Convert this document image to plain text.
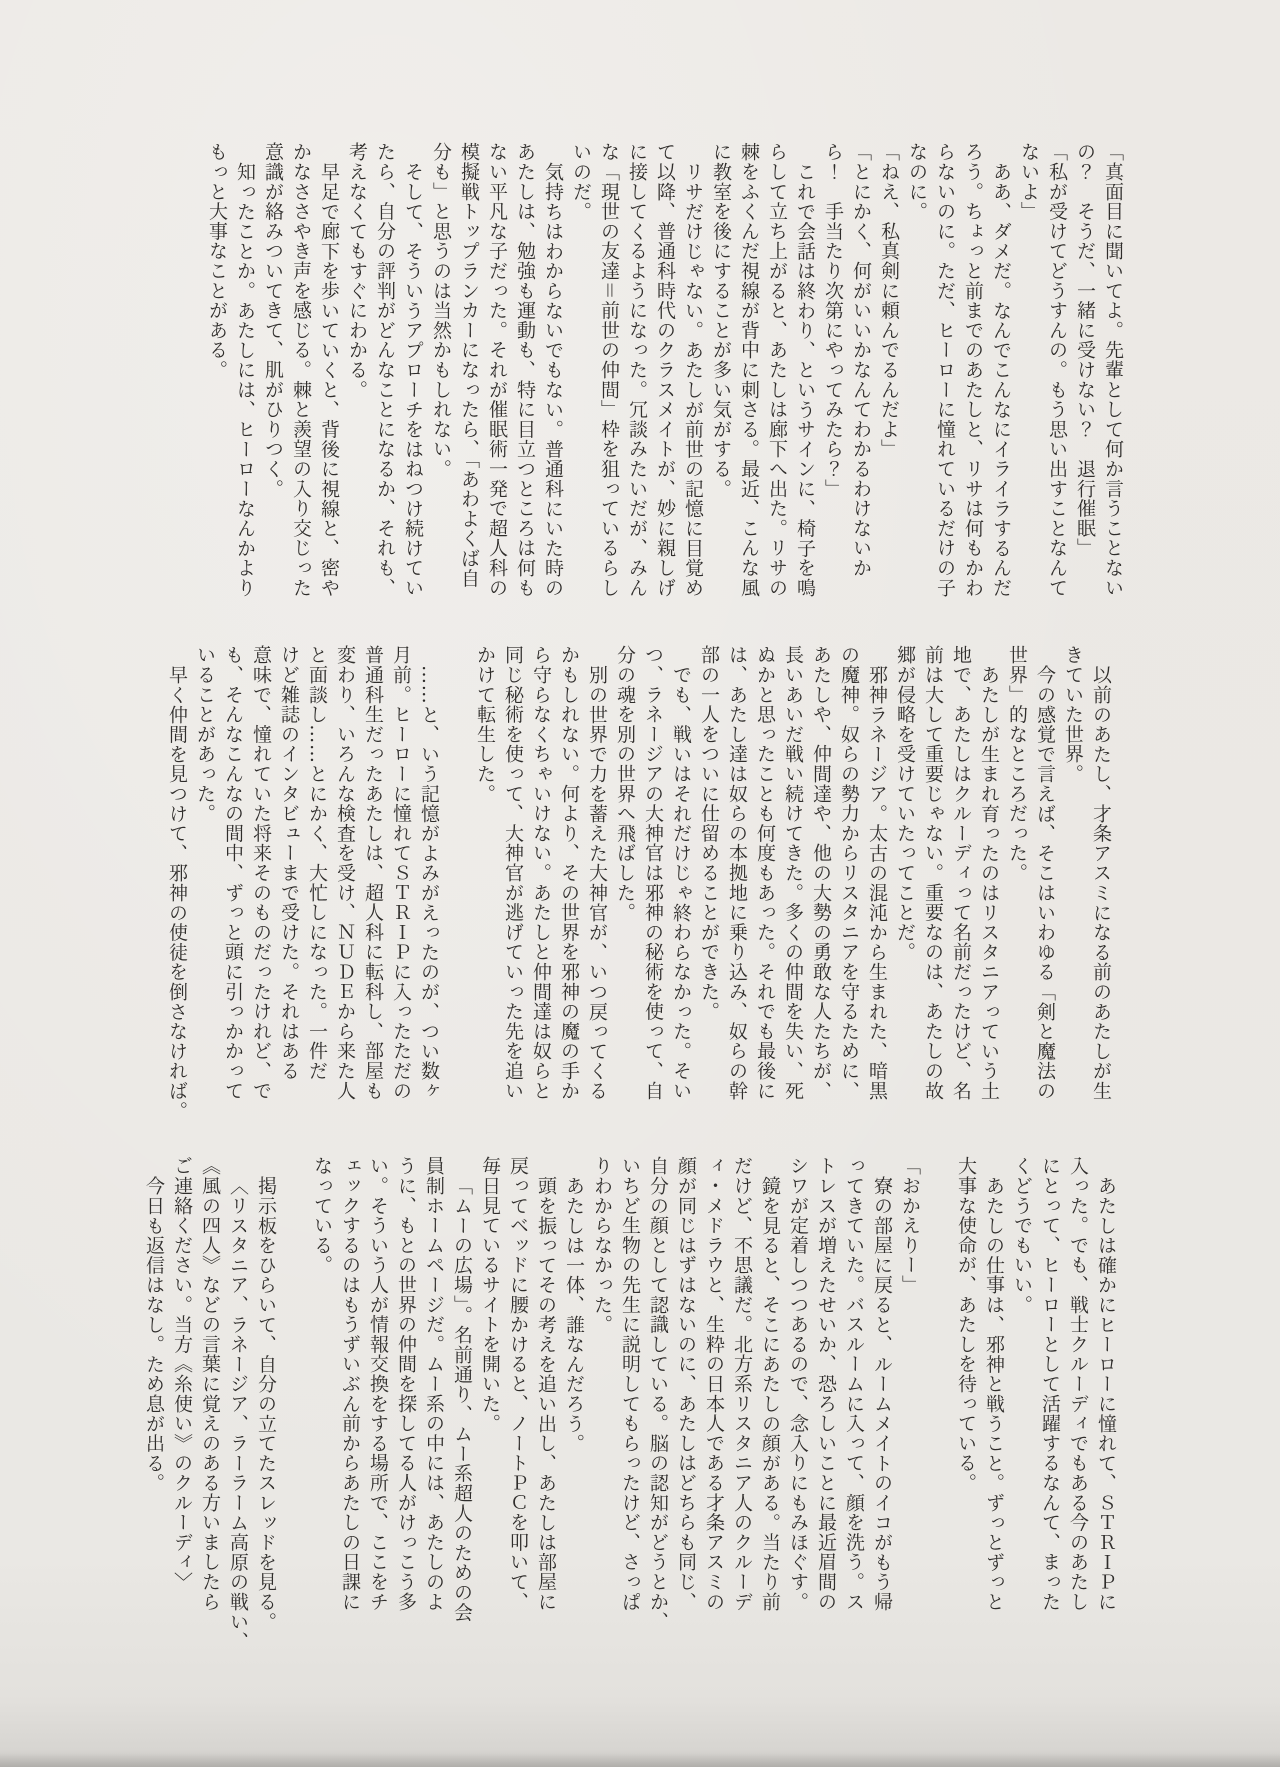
「真面目に聞いてよ。先輩として何か言うことない
の？　そうだ、一緒に受けない？　退行催眠」
「私が受けてどうすんの。もう思い出すことなんて
ないよ」
ああ、ダメだ。なんでこんなにイライラするんだ
ろう。ちょっと前までのあたしと、リサは何もかわ
らないのに。ただ、ヒーローに憧れているだけの子
なのに。
「ねえ、私真剣に頼んでるんだよ」
「とにかく、何がいいかなんてわかるわけないか
ら！　手当たり次第にやってみたら？」
これで会話は終わり、というサインに、椅子を鳴
らして立ち上がると、あたしは廊下へ出た。リサの
棘をふくんだ視線が背中に刺さる。最近、こんな風
に教室を後にすることが多い気がする。
リサだけじゃない。あたしが前世の記憶に目覚め
て以降、普通科時代のクラスメイトが、妙に親しげ
に接してくるようになった。冗談みたいだが、みん
な「現世の友達＝前世の仲間」枠を狙っているらし
いのだ。
気持ちはわからないでもない。普通科にいた時の
あたしは、勉強も運動も、特に目立つところは何も
ない平凡な子だった。それが催眠術一発で超人科の
模擬戦トップランカーになったら、「あわよくば自
分も」と思うのは当然かもしれない。
そして、そういうアプローチをはねつけ続けてい
たら、自分の評判がどんなことになるか、それも、
考えなくてもすぐにわかる。
早足で廊下を歩いていくと、背後に視線と、密や
かなささやき声を感じる。棘と羨望の入り交じった
意識が絡みついてきて、肌がひりつく。
知ったことか。あたしには、ヒーローなんかより
もっと大事なことがある。
以前のあたし、才条アスミになる前のあたしが生
きていた世界。
今の感覚で言えば、そこはいわゆる「剣と魔法の
世界」的なところだった。
あたしが生まれ育ったのはリスタニアっていう土
地で、あたしはクルーディって名前だったけど、名
前は大して重要じゃない。重要なのは、あたしの故
郷が侵略を受けていたってことだ。
邪神ラネージア。太古の混沌から生まれた、暗黒
の魔神。奴らの勢力からリスタニアを守るために、
あたしや、仲間達や、他の大勢の勇敢な人たちが、
長いあいだ戦い続けてきた。多くの仲間を失い、死
ぬかと思ったことも何度もあった。それでも最後に
は、あたし達は奴らの本拠地に乗り込み、奴らの幹
部の一人をついに仕留めることができた。
でも、戦いはそれだけじゃ終わらなかった。そい
つ、ラネージアの大神官は邪神の秘術を使って、自
分の魂を別の世界へ飛ばした。
別の世界で力を蓄えた大神官が、いつ戻ってくる
かもしれない。何より、その世界を邪神の魔の手か
ら守らなくちゃいけない。あたしと仲間達は奴らと
同じ秘術を使って、大神官が逃げていった先を追い
かけて転生した。

……と、いう記憶がよみがえったのが、つい数ヶ
月前。ヒーローに憧れてＳＴＲＩＰに入ったただの
普通科生だったあたしは、超人科に転科し、部屋も
変わり、いろんな検査を受け、ＮＵＤＥから来た人
と面談し……とにかく、大忙しになった。一件だ
けど雑誌のインタビューまで受けた。それはある
意味で、憧れていた将来そのものだったけれど、で
も、そんなこんなの間中、ずっと頭に引っかかって
いることがあった。
早く仲間を見つけて、邪神の使徒を倒さなければ。
あたしは確かにヒーローに憧れて、ＳＴＲＩＰに
入った。でも、戦士クルーディでもある今のあたし
にとって、ヒーローとして活躍するなんて、まった
くどうでもいい。
あたしの仕事は、邪神と戦うこと。ずっとずっと
大事な使命が、あたしを待っている。

「おかえりー」
寮の部屋に戻ると、ルームメイトのイコがもう帰
ってきていた。バスルームに入って、顔を洗う。ス
トレスが増えたせいか、恐ろしいことに最近眉間の
シワが定着しつつあるので、念入りにもみほぐす。
鏡を見ると、そこにあたしの顔がある。当たり前
だけど、不思議だ。北方系リスタニア人のクルーデ
ィ・メドラウと、生粋の日本人である才条アスミの
顔が同じはずはないのに、あたしはどちらも同じ、
自分の顔として認識している。脳の認知がどうとか、
いちど生物の先生に説明してもらったけど、さっぱ
りわからなかった。
あたしは一体、誰なんだろう。
頭を振ってその考えを追い出し、あたしは部屋に
戻ってベッドに腰かけると、ノートＰＣを叩いて、
毎日見ているサイトを開いた。
「ムーの広場」。名前通り、ムー系超人のための会
員制ホームページだ。ムー系の中には、あたしのよ
うに、もとの世界の仲間を探してる人がけっこう多
い。そういう人が情報交換をする場所で、ここをチ
ェックするのはもうずいぶん前からあたしの日課に
なっている。

掲示板をひらいて、自分の立てたスレッドを見る。
〈リスタニア、ラネージア、ラーラーム高原の戦い、
《風の四人》などの言葉に覚えのある方いましたら
ご連絡ください。当方《糸使い》のクルーディ〉
今日も返信はなし。ため息が出る。
